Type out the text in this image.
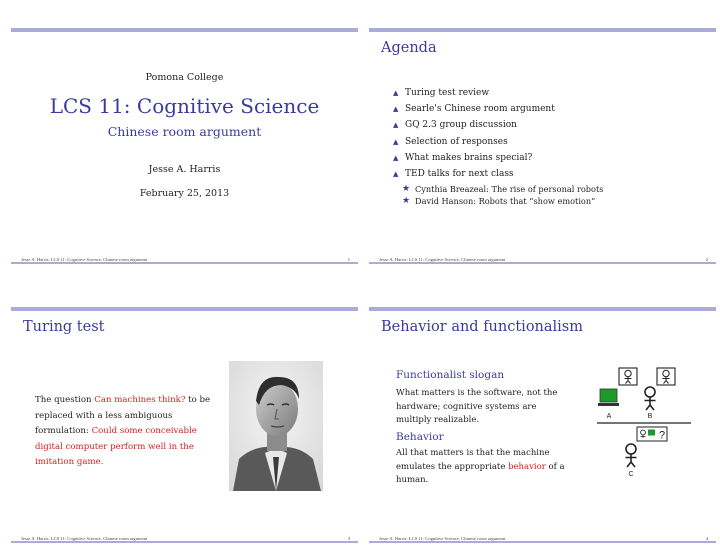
Pomona College
LCS 11: Cognitive Science
Chinese room argument
Jesse A. Harris
February 25, 2013
Jesse A. Harris: LCS 11: Cognitive Science, Chinese room argument	1
Agenda
▲ Turing test review
▲ Searle's Chinese room argument
▲ GQ 2.3 group discussion
▲ Selection of responses
▲ What makes brains special?
▲ TED talks for next class
★ Cynthia Breazeal: The rise of personal robots
★ David Hanson: Robots that “show emotion”
Jesse A. Harris: LCS 11: Cognitive Science, Chinese room argument	2
Turing test
The question Can machines think? to be replaced with a less ambiguous formulation: Could some conceivable digital computer perform well in the imitation game.
Jesse A. Harris: LCS 11: Cognitive Science, Chinese room argument	3
Behavior and functionalism
Functionalist slogan
What matters is the software, not the hardware; cognitive systems are multiply realizable.
Behavior
All that matters is that the machine emulates the appropriate behavior of a human.
A	B
?
C
Jesse A. Harris: LCS 11: Cognitive Science, Chinese room argument	4
